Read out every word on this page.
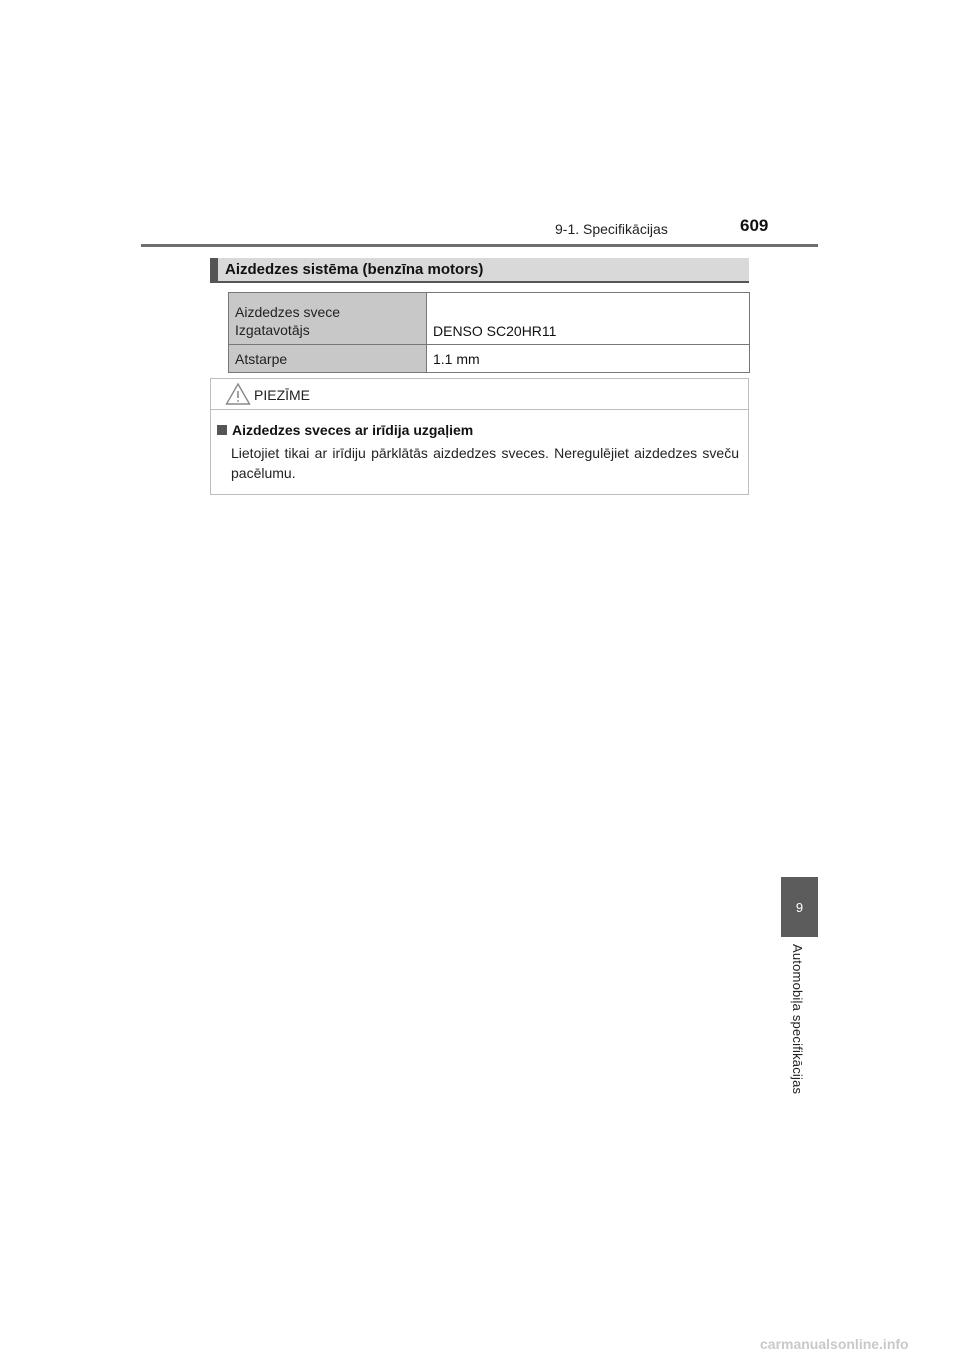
9-1. Specifikācijas	609
Aizdedzes sistēma (benzīna motors)
Aizdedzes svece
Izgatavotājs	DENSO SC20HR11
Atstarpe	1.1 mm
PIEZĪME
Aizdedzes sveces ar irīdija uzgaļiem
Lietojiet tikai ar irīdiju pārklātās aizdedzes sveces. Neregulējiet aizdedzes sveču pacēlumu.
9
Automobiļa specifikācijas
carmanualsonline.info
